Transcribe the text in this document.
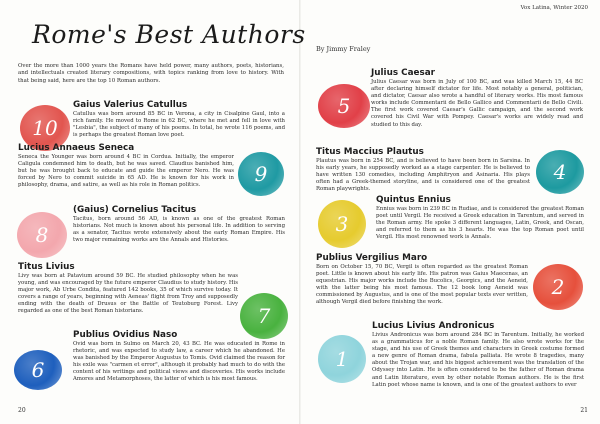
Vox Latina, Winter 2020
Rome's Best Authors By Jimmy Fraley

Over the more than 1000 years the Romans have held power, many authors, poets, historians, and intellectuals created literary compositions, with topics ranking from love to history. With that being said, here are the top 10 Roman authors.

10
Gaius Valerius Catullus

Catullus was born around 85 BC in Verona, a city in Cisalpine Gaul, into a rich family. He moved to Rome in 62 BC, where he met and fell in love with "Lesbia", the subject of many of his poems. In total, he wrote 116 poems, and is perhaps the greatest Roman love poet.

Lucius Annaeus Seneca

Seneca the Younger was born around 4 BC in Cordua. Initially, the emperor Caligula condemned him to death, but he was saved. Claudius banished him, but he was brought back to educate and guide the emperor Nero. He was forced by Nero to commit suicide in 65 AD. He is known for his work in philosophy, drama, and satire, as well as his role in Roman politics.	9
8
(Gaius) Cornelius Tacitus

Tacitus, born around 56 AD, is known as one of the greatest Roman historians. Not much is known about his personal life. In addition to serving as a senator, Tacitus wrote extensively about the early Roman Empire. His two major remaining works are the Annals and Histories.

Titus Livius

Livy was born at Patavium around 59 BC. He studied philosophy when he was young, and was encouraged by the future emperor Claudius to study history. His major work, Ab Urbe Condita, featured 142 books, 35 of which survive today. It covers a range of years, beginning with Aeneas' flight from Troy and supposedly ending with the death of Drusus or the Battle of Teutoburg Forest. Livy regarded as one of the best Roman historians.	7
6
Publius Ovidius Naso

Ovid was born in Sulmo on March 20, 43 BC. He was educated in Rome in rhetoric, and was expected to study law, a career which he abandoned. He was banished by the Emperor Augustus to Tomis. Ovid claimed the reason for his exile was "carmen et error", although it probably had much to do with the content of his writings and political views and discoveries. His works include Amores and Metamorphoses, the latter of which is his most famous.

5
Julius Caesar

Julius Caesar was born in July of 100 BC, and was killed March 15, 44 BC after declaring himself dictator for life. Most notably a general, politician, and dictator, Caesar also wrote a handful of literary works. His most famous works include Commentarii de Bello Gallico and Commentarii de Bello Civili. The first work covered Caesar's Gallic campaign, and the second work covered his Civil War with Pompey. Caesar's works are widely read and studied to this day.

Titus Maccius Plautus

Plautus was born in 254 BC, and is believed to have been born in Sarsina. In his early years, he supposedly worked as a stage carpenter. He is believed to have written 130 comedies, including Amphitryon and Asinaria. His plays often had a Greek-themed storyline, and is considered one of the greatest Roman playwrights.

4
3
Quintus Ennius

Ennius was born in 239 BC in Rudiae, and is considered the greatest Roman poet until Vergil. He received a Greek education in Tarentum, and served in the Roman army. He spoke 3 different languages, Latin, Greek, and Oscan, and referred to them as his 3 hearts. He was the top Roman poet until Vergil. His most renowned work is Annals.

Publius Vergilius Maro

Born on October 15, 70 BC, Vergil is often regarded as the greatest Roman poet. Little is known about his early life. His patron was Gaius Maecenas, an equestrian. His major works include the Bucolics, Georgics, and the Aeneid, with the latter being his most famous. The 12 book long Aeneid was commissioned by Augustus, and is one of the most popular texts ever written, although Vergil died before finishing the work.

2
1
Lucius Livius Andronicus

Livius Andronicus was born around 284 BC in Tarentum. Initially, he worked as a grammaticus for a noble Roman family. He also wrote works for the stage, and his use of Greek themes and characters in Greek costume formed a new genre of Roman drama, fabula palliata. He wrote 8 tragedies, many about the Trojan war, and his biggest achievement was the translation of the Odyssey into Latin. He is often considered to be the father of Roman drama and Latin literature, even by other notable Roman authors. He is the first Latin poet whose name is known, and is one of the greatest authors to ever

20	21
